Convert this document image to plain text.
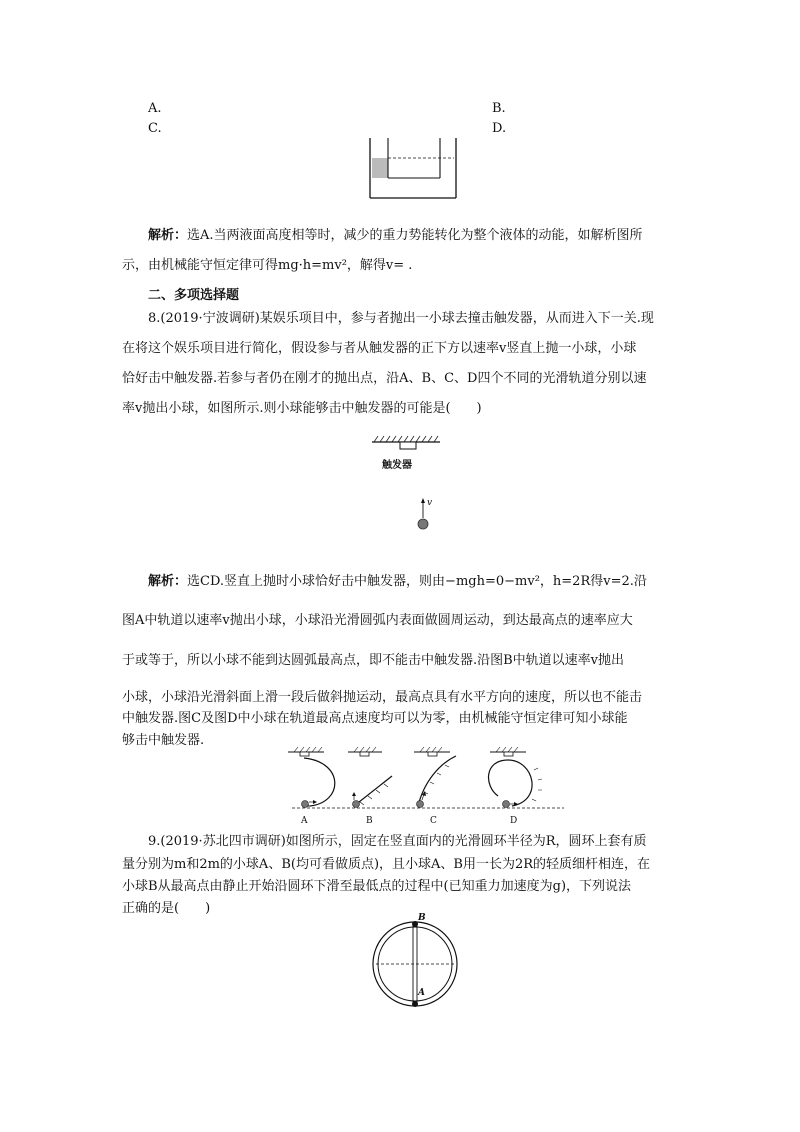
A.	B.
C.	D.
解析：选A.当两液面高度相等时，减少的重力势能转化为整个液体的动能，如解析图所
示，由机械能守恒定律可得mg·h=mv²，解得v= .
二、多项选择题
8.(2019·宁波调研)某娱乐项目中，参与者抛出一小球去撞击触发器，从而进入下一关.现
在将这个娱乐项目进行简化，假设参与者从触发器的正下方以速率v竖直上抛一小球，小球
恰好击中触发器.若参与者仍在刚才的抛出点，沿A、B、C、D四个不同的光滑轨道分别以速
率v抛出小球，如图所示.则小球能够击中触发器的可能是(　　)
触发器
v
解析：选CD.竖直上抛时小球恰好击中触发器，则由−mgh=0−mv²，h=2R得v=2.沿
图A中轨道以速率v抛出小球，小球沿光滑圆弧内表面做圆周运动，到达最高点的速率应大
于或等于，所以小球不能到达圆弧最高点，即不能击中触发器.沿图B中轨道以速率v抛出
小球，小球沿光滑斜面上滑一段后做斜抛运动，最高点具有水平方向的速度，所以也不能击
中触发器.图C及图D中小球在轨道最高点速度均可以为零，由机械能守恒定律可知小球能
够击中触发器.
A	B	C	D
9.(2019·苏北四市调研)如图所示，固定在竖直面内的光滑圆环半径为R，圆环上套有质
量分别为m和2m的小球A、B(均可看做质点)，且小球A、B用一长为2R的轻质细杆相连，在
小球B从最高点由静止开始沿圆环下滑至最低点的过程中(已知重力加速度为g)，下列说法
正确的是(　　)
B
A
